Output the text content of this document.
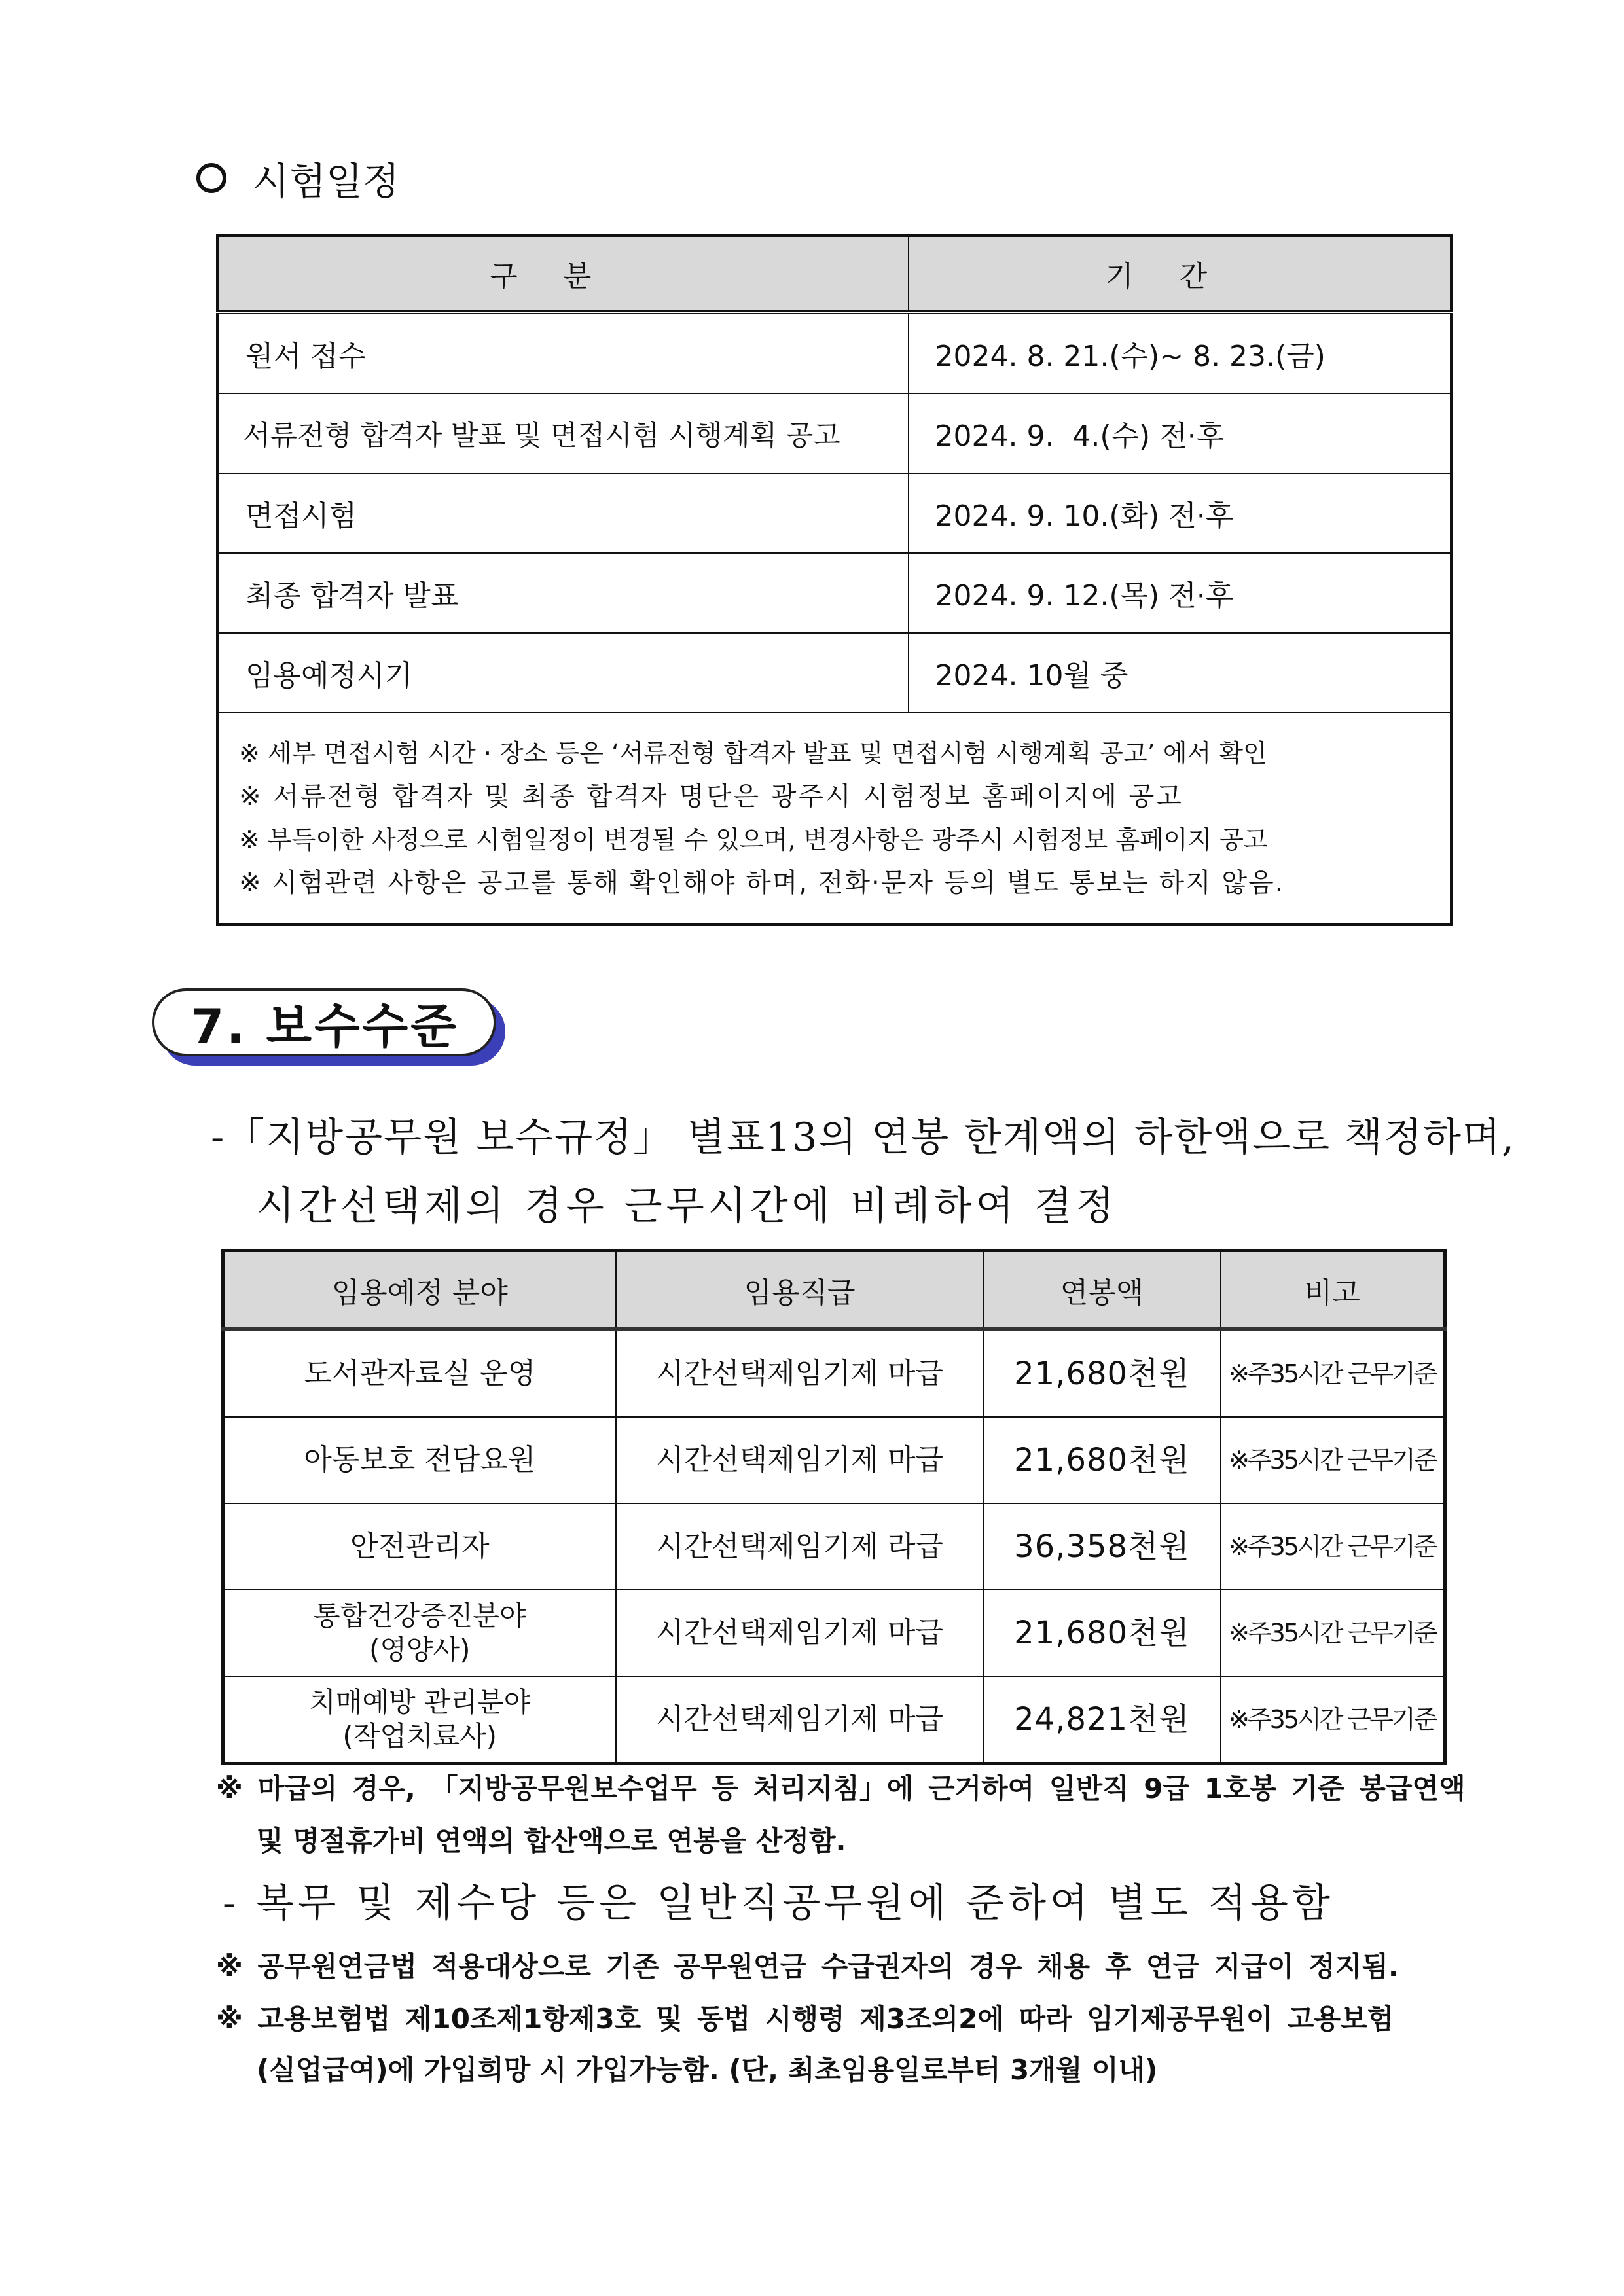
시험일정
구분	기간
원서 접수	2024. 8. 21.(수)~ 8. 23.(금)
서류전형 합격자 발표 및 면접시험 시행계획 공고	2024. 9.  4.(수) 전·후
면접시험	2024. 9. 10.(화) 전·후
최종 합격자 발표	2024. 9. 12.(목) 전·후
임용예정시기	2024. 10월 중

※ 세부 면접시험 시간 · 장소 등은 ‘서류전형 합격자 발표 및 면접시험 시행계획 공고’ 에서 확인
※ 서류전형 합격자 및 최종 합격자 명단은 광주시 시험정보 홈페이지에 공고
※ 부득이한 사정으로 시험일정이 변경될 수 있으며, 변경사항은 광주시 시험정보 홈페이지 공고
※ 시험관련 사항은 공고를 통해 확인해야 하며, 전화·문자 등의 별도 통보는 하지 않음.	
7. 보수수준
-「지방공무원 보수규정」 별표13의 연봉 한계액의 하한액으로 책정하며,
시간선택제의 경우 근무시간에 비례하여 결정
임용예정 분야	임용직급	연봉액	비고
도서관자료실 운영	시간선택제임기제 마급	21,680천원	※주35시간 근무기준
아동보호 전담요원	시간선택제임기제 마급	21,680천원	※주35시간 근무기준
안전관리자	시간선택제임기제 라급	36,358천원	※주35시간 근무기준

통합건강증진분야
(영양사)	시간선택제임기제 마급	21,680천원	※주35시간 근무기준

치매예방 관리분야
(작업치료사)	시간선택제임기제 마급	24,821천원	※주35시간 근무기준
※ 마급의 경우, 「지방공무원보수업무 등 처리지침」에 근거하여 일반직 9급 1호봉 기준 봉급연액
및 명절휴가비 연액의 합산액으로 연봉을 산정함.
- 복무 및 제수당 등은 일반직공무원에 준하여 별도 적용함
※ 공무원연금법 적용대상으로 기존 공무원연금 수급권자의 경우 채용 후 연금 지급이 정지됨.
※ 고용보험법 제10조제1항제3호 및 동법 시행령 제3조의2에 따라 임기제공무원이 고용보험
(실업급여)에 가입희망 시 가입가능함. (단, 최초임용일로부터 3개월 이내)
